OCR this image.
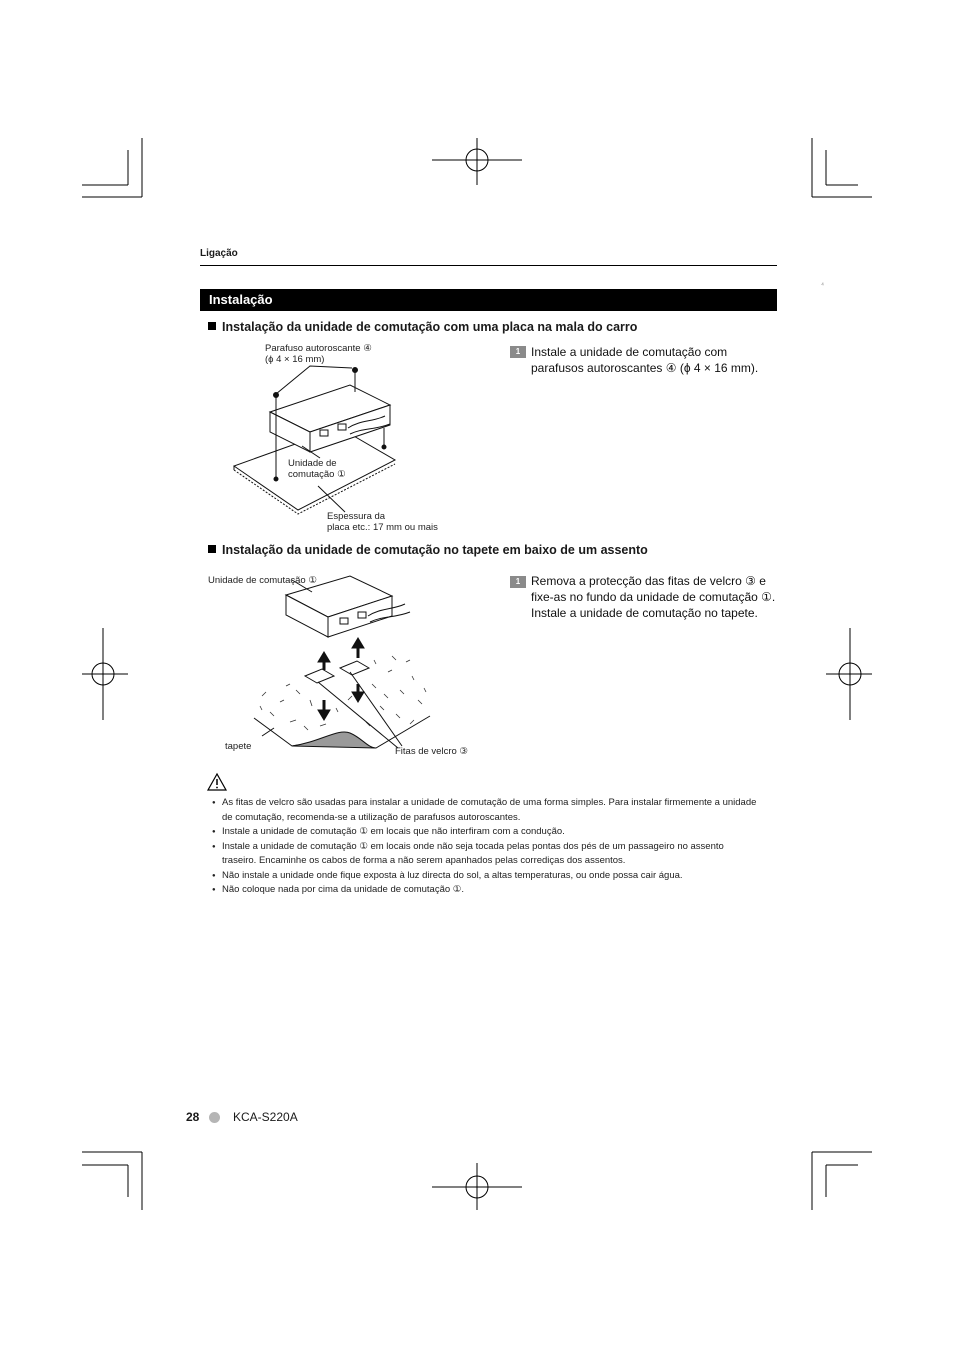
Ligação
⁴
Instalação
Instalação da unidade de comutação com uma placa na mala do carro
Parafuso autoroscante ④
(ϕ 4 × 16 mm)
Unidade de
comutação ①
Espessura da
placa etc.: 17 mm ou mais
1 Instale a unidade de comutação com
parafusos autoroscantes ④ (ϕ 4 × 16 mm).
Instalação da unidade de comutação no tapete em baixo de um assento
Unidade de comutação ①
tapete	Fitas de velcro ③
1 Remova a protecção das fitas de velcro ③ e
fixe-as no fundo da unidade de comutação ①.
Instale a unidade de comutação no tapete.
● As fitas de velcro são usadas para instalar a unidade de comutação de uma forma simples. Para instalar firmemente a unidade de comutação, recomenda-se a utilização de parafusos autoroscantes.
● Instale a unidade de comutação ① em locais que não interfiram com a condução.
● Instale a unidade de comutação ① em locais onde não seja tocada pelas pontas dos pés de um passageiro no assento traseiro. Encaminhe os cabos de forma a não serem apanhados pelas corrediças dos assentos.
● Não instale a unidade onde fique exposta à luz directa do sol, a altas temperaturas, ou onde possa cair água.
● Não coloque nada por cima da unidade de comutação ①.
28	KCA-S220A
